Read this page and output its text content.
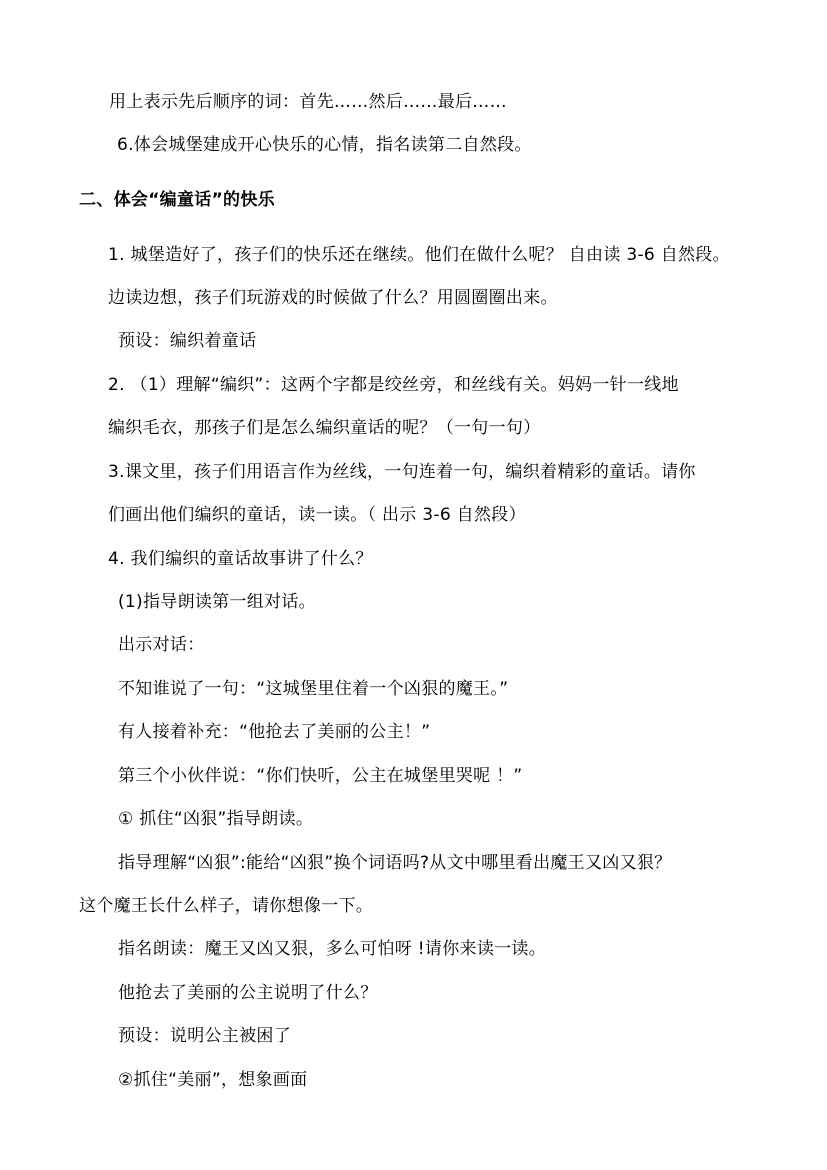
用上表示先后顺序的词：首先……然后……最后……
6.体会城堡建成开心快乐的心情，指名读第二自然段。
二、体会“编童话”的快乐
1. 城堡造好了，孩子们的快乐还在继续。他们在做什么呢？ 自由读 3-6 自然段。
边读边想，孩子们玩游戏的时候做了什么？用圆圈圈出来。
预设：编织着童话
2. （1）理解“编织”：这两个字都是绞丝旁，和丝线有关。妈妈一针一线地
编织毛衣，那孩子们是怎么编织童话的呢？（一句一句）
3.课文里，孩子们用语言作为丝线，一句连着一句，编织着精彩的童话。请你
们画出他们编织的童话，读一读。（ 出示 3-6 自然段）
4. 我们编织的童话故事讲了什么？
(1)指导朗读第一组对话。
出示对话：
不知谁说了一句：“这城堡里住着一个凶狠的魔王。”
有人接着补充：“他抢去了美丽的公主！”
第三个小伙伴说：“你们快听，公主在城堡里哭呢 ！”
① 抓住“凶狠”指导朗读。
指导理解“凶狠”:能给“凶狠”换个词语吗?从文中哪里看出魔王又凶又狠？
这个魔王长什么样子，请你想像一下。
指名朗读：魔王又凶又狠，多么可怕呀 !请你来读一读。
他抢去了美丽的公主说明了什么？
预设：说明公主被困了
②抓住“美丽”，想象画面
